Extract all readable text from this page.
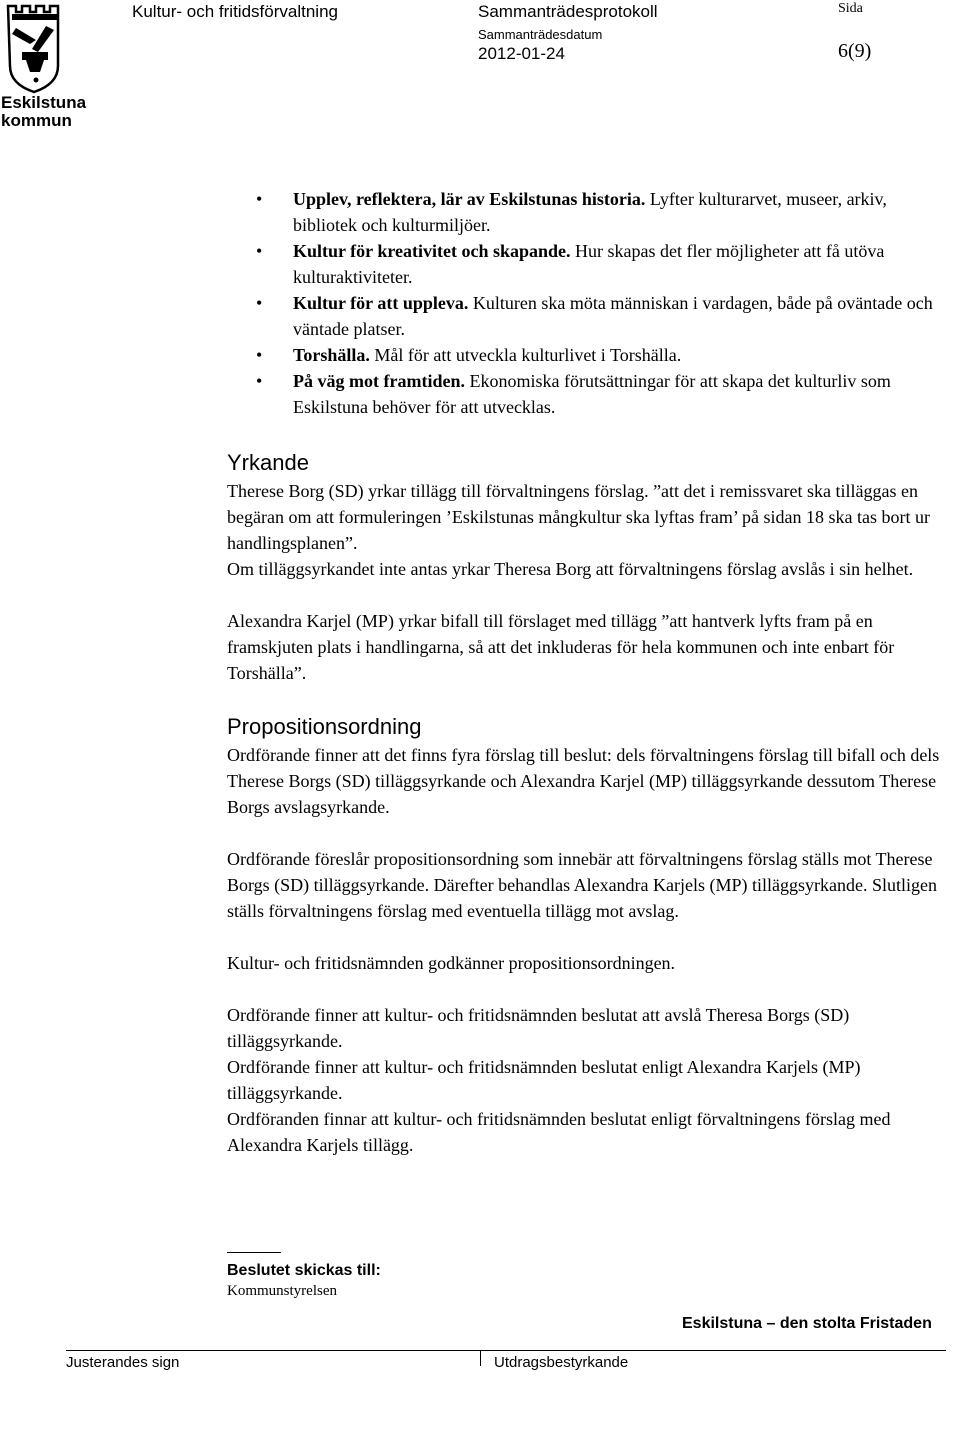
Eskilstuna
kommun
Kultur- och fritidsförvaltning	Sammanträdesprotokoll
Sammanträdesdatum
2012-01-24
Sida
6(9)
• Upplev, reflektera, lär av Eskilstunas historia. Lyfter kulturarvet, museer, arkiv, bibliotek och kulturmiljöer.
• Kultur för kreativitet och skapande. Hur skapas det fler möjligheter att få utöva kulturaktiviteter.
• Kultur för att uppleva. Kulturen ska möta människan i vardagen, både på oväntade och väntade platser.
• Torshälla. Mål för att utveckla kulturlivet i Torshälla.
• På väg mot framtiden. Ekonomiska förutsättningar för att skapa det kulturliv som Eskilstuna behöver för att utvecklas.
Yrkande

Therese Borg (SD) yrkar tillägg till förvaltningens förslag. ”att det i remissvaret ska tilläggas en begäran om att formuleringen ’Eskilstunas mångkultur ska lyftas fram’ på sidan 18 ska tas bort ur handlingsplanen”.

Om tilläggsyrkandet inte antas yrkar Theresa Borg att förvaltningens förslag avslås i sin helhet.

Alexandra Karjel (MP) yrkar bifall till förslaget med tillägg ”att hantverk lyfts fram på en framskjuten plats i handlingarna, så att det inkluderas för hela kommunen och inte enbart för Torshälla”.

Propositionsordning

Ordförande finner att det finns fyra förslag till beslut: dels förvaltningens förslag till bifall och dels Therese Borgs (SD) tilläggsyrkande och Alexandra Karjel (MP) tilläggsyrkande dessutom Therese Borgs avslagsyrkande.

Ordförande föreslår propositionsordning som innebär att förvaltningens förslag ställs mot Therese Borgs (SD) tilläggsyrkande. Därefter behandlas Alexandra Karjels (MP) tilläggsyrkande. Slutligen ställs förvaltningens förslag med eventuella tillägg mot avslag.

Kultur- och fritidsnämnden godkänner propositionsordningen.

Ordförande finner att kultur- och fritidsnämnden beslutat att avslå Theresa Borgs (SD) tilläggsyrkande.

Ordförande finner att kultur- och fritidsnämnden beslutat enligt Alexandra Karjels (MP) tilläggsyrkande.

Ordföranden finnar att kultur- och fritidsnämnden beslutat enligt förvaltningens förslag med Alexandra Karjels tillägg.

Beslutet skickas till:
Kommunstyrelsen
Eskilstuna – den stolta Fristaden
Justerandes sign	Utdragsbestyrkande
